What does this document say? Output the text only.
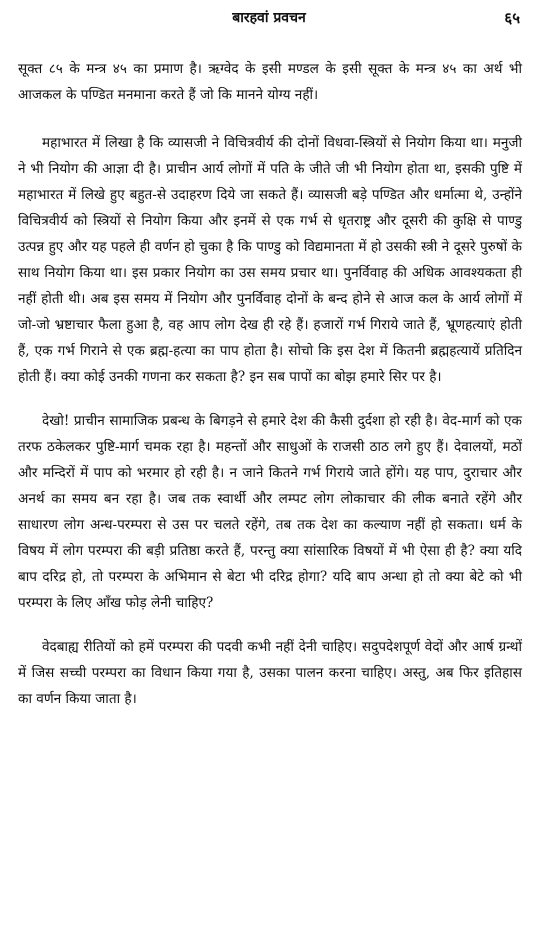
बारहवां प्रवचन	६५

सूक्त ८५ के मन्त्र ४५ का प्रमाण है। ऋग्वेद के इसी मण्डल के इसी सूक्त के मन्त्र ४५ का अर्थ भी आजकल के पण्डित मनमाना करते हैं जो कि मानने योग्य नहीं।

महाभारत में लिखा है कि व्यासजी ने विचित्रवीर्य की दोनों विधवा-स्त्रियों से नियोग किया था। मनुजी ने भी नियोग की आज्ञा दी है। प्राचीन आर्य लोगों में पति के जीते जी भी नियोग होता था, इसकी पुष्टि में महाभारत में लिखे हुए बहुत-से उदाहरण दिये जा सकते हैं। व्यासजी बड़े पण्डित और धर्मात्मा थे, उन्होंने विचित्रवीर्य को स्त्रियों से नियोग किया और इनमें से एक गर्भ से धृतराष्ट्र और दूसरी की कुक्षि से पाण्डु उत्पन्न हुए और यह पहले ही वर्णन हो चुका है कि पाण्डु को विद्यमानता में हो उसकी स्त्री ने दूसरे पुरुषों के साथ नियोग किया था। इस प्रकार नियोग का उस समय प्रचार था। पुनर्विवाह की अधिक आवश्यकता ही नहीं होती थी। अब इस समय में नियोग और पुनर्विवाह दोनों के बन्द होने से आज कल के आर्य लोगों में जो-जो भ्रष्टाचार फैला हुआ है, वह आप लोग देख ही रहे हैं। हजारों गर्भ गिराये जाते हैं, भ्रूणहत्याएं होती हैं, एक गर्भ गिराने से एक ब्रह्म-हत्या का पाप होता है। सोचो कि इस देश में कितनी ब्रह्महत्यायें प्रतिदिन होती हैं। क्या कोई उनकी गणना कर सकता है? इन सब पापों का बोझ हमारे सिर पर है।

देखो! प्राचीन सामाजिक प्रबन्ध के बिगड़ने से हमारे देश की कैसी दुर्दशा हो रही है। वेद-मार्ग को एक तरफ ठकेलकर पुष्टि-मार्ग चमक रहा है। महन्तों और साधुओं के राजसी ठाठ लगे हुए हैं। देवालयों, मठों और मन्दिरों में पाप को भरमार हो रही है। न जाने कितने गर्भ गिराये जाते होंगे। यह पाप, दुराचार और अनर्थ का समय बन रहा है। जब तक स्वार्थी और लम्पट लोग लोकाचार की लीक बनाते रहेंगे और साधारण लोग अन्ध-परम्परा से उस पर चलते रहेंगे, तब तक देश का कल्याण नहीं हो सकता। धर्म के विषय में लोग परम्परा की बड़ी प्रतिष्ठा करते हैं, परन्तु क्या सांसारिक विषयों में भी ऐसा ही है? क्या यदि बाप दरिद्र हो, तो परम्परा के अभिमान से बेटा भी दरिद्र होगा? यदि बाप अन्धा हो तो क्या बेटे को भी परम्परा के लिए आँख फोड़ लेनी चाहिए?

वेदबाह्य रीतियों को हमें परम्परा की पदवी कभी नहीं देनी चाहिए। सदुपदेशपूर्ण वेदों और आर्ष ग्रन्थों में जिस सच्ची परम्परा का विधान किया गया है, उसका पालन करना चाहिए। अस्तु, अब फिर इतिहास का वर्णन किया जाता है।
